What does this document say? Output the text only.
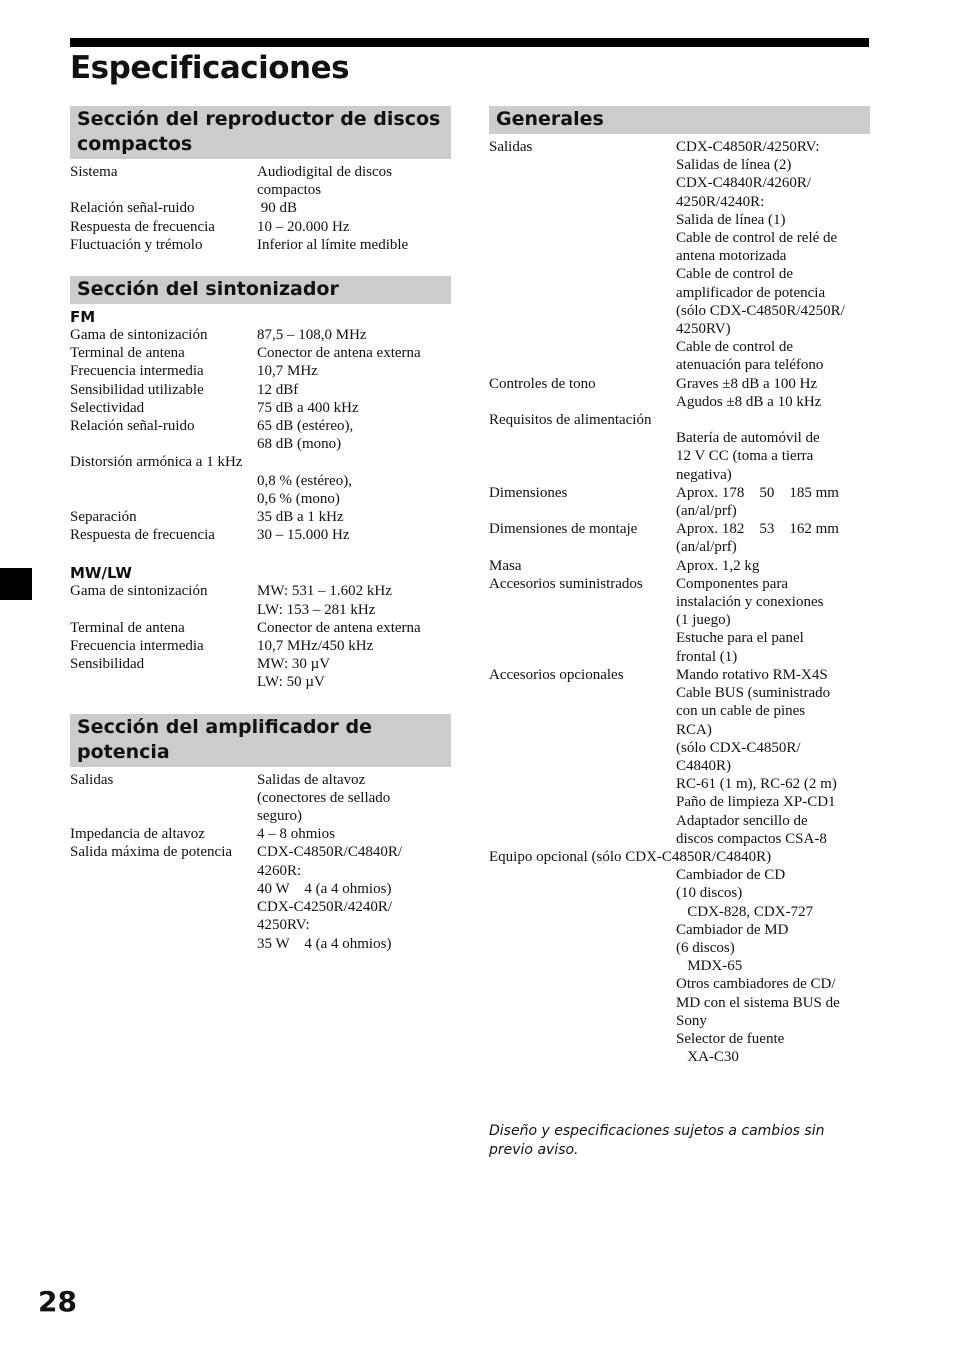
Especificaciones
Sección del reproductor de discos compactos
Sistema	Audiodigital de discos
compactos
Relación señal-ruido	90 dB
Respuesta de frecuencia	10 – 20.000 Hz
Fluctuación y trémolo	Inferior al límite medible
Sección del sintonizador
FM
Gama de sintonización	87,5 – 108,0 MHz
Terminal de antena	Conector de antena externa
Frecuencia intermedia	10,7 MHz
Sensibilidad utilizable	12 dBf
Selectividad	75 dB a 400 kHz
Relación señal-ruido	65 dB (estéreo),
68 dB (mono)
Distorsión armónica a 1 kHz
0,8 % (estéreo),
0,6 % (mono)
Separación	35 dB a 1 kHz
Respuesta de frecuencia	30 – 15.000 Hz
MW/LW
Gama de sintonización	MW: 531 – 1.602 kHz
LW: 153 – 281 kHz
Terminal de antena	Conector de antena externa
Frecuencia intermedia	10,7 MHz/450 kHz
Sensibilidad	MW: 30 µV
LW: 50 µV
Sección del amplificador de potencia
Salidas	Salidas de altavoz
(conectores de sellado
seguro)
Impedancia de altavoz	4 – 8 ohmios
Salida máxima de potencia	CDX-C4850R/C4840R/
4260R:
40 W    4 (a 4 ohmios)
CDX-C4250R/4240R/
4250RV:
35 W    4 (a 4 ohmios)
Generales
Salidas	CDX-C4850R/4250RV:
Salidas de línea (2)
CDX-C4840R/4260R/
4250R/4240R:
Salida de línea (1)
Cable de control de relé de
antena motorizada
Cable de control de
amplificador de potencia
(sólo CDX-C4850R/4250R/
4250RV)
Cable de control de
atenuación para teléfono
Controles de tono	Graves ±8 dB a 100 Hz
Agudos ±8 dB a 10 kHz
Requisitos de alimentación
Batería de automóvil de
12 V CC (toma a tierra
negativa)
Dimensiones	Aprox. 178    50    185 mm
(an/al/prf)
Dimensiones de montaje	Aprox. 182    53    162 mm
(an/al/prf)
Masa	Aprox. 1,2 kg
Accesorios suministrados	Componentes para
instalación y conexiones
(1 juego)
Estuche para el panel
frontal (1)
Accesorios opcionales	Mando rotativo RM-X4S
Cable BUS (suministrado
con un cable de pines
RCA)
(sólo CDX-C4850R/
C4840R)
RC-61 (1 m), RC-62 (2 m)
Paño de limpieza XP-CD1
Adaptador sencillo de
discos compactos CSA-8
Equipo opcional (sólo CDX-C4850R/C4840R)
Cambiador de CD
(10 discos)
CDX-828, CDX-727
Cambiador de MD
(6 discos)
MDX-65
Otros cambiadores de CD/
MD con el sistema BUS de
Sony
Selector de fuente
XA-C30
Diseño y especificaciones sujetos a cambios sin previo aviso.
28
